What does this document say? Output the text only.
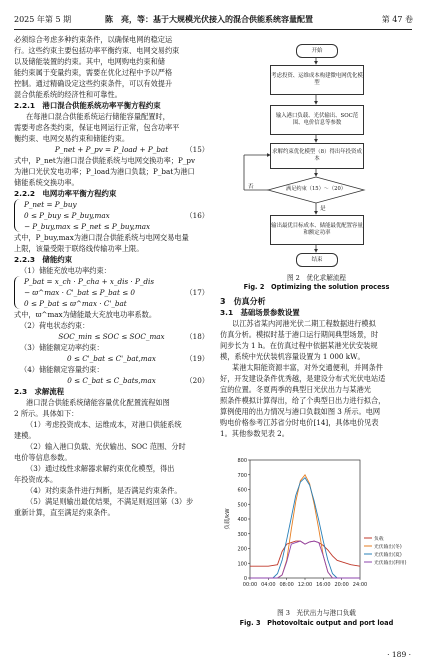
2025 年第 5 期	陈　亮，等：基于大规模光伏接入的混合供能系统容量配置	第 47 卷
必须综合考虑多种约束条件，以确保电网的稳定运
行。这些约束主要包括功率平衡约束、电网交易约束
以及储能装置的约束。其中，电网购电约束和储
能约束属于变量约束，需要在优化过程中予以严格
控制。通过精确设定这些约束条件，可以有效提升
混合供能系统的经济性和可靠性。
2.2.1　港口混合供能系统功率平衡方程约束
在每港口混合供能系统运行储能容量配置时，
需要考虑各类约束，保证电网运行正常，包含功率平
衡约束、电网交易约束和储能约束。
P_net + P_pv = P_load + P_bat （15）
式中，P_net为港口混合供能系统与电网交换功率；P_pv
为港口光伏发电功率；P_load为港口负载；P_bat为港口
储能系统交换功率。
2.2.2　电网功率平衡方程约束
P_net = P_buy
0 ≤ P_buy ≤ P_buy,max
− P_buy,max ≤ P_net ≤ P_buy,max
（16）
式中，P_buy,max为港口混合供能系统与电网交易电量
上限，该量受限于联络线传输功率上限。
2.2.3　储能约束
（1）储能充放电功率约束：
P_bat = x_ch · P_cha + x_dis · P_dis
− ϖ^max · C'_bat ≤ P_bat ≤ 0
0 ≤ P_bat ≤ ϖ^max · C'_bat
（17）
式中，ϖ^max为储能最大充放电功率系数。
（2）荷电状态约束：
SOC_min ≤ SOC ≤ SOC_max	（18）
（3）储能额定功率约束：
0 ≤ C'_bat ≤ C'_bat,max	（19）
（4）储能额定容量约束：
0 ≤ C_bat ≤ C_bats,max	（20）
2.3　求解流程
港口混合供能系统储能容量优化配置流程如图
2 所示。具体如下：
（1）考虑投资成本、运维成本，对港口供能系统
建模。
（2）输入港口负载、光伏输出、SOC 范围、分时
电价等信息参数。
（3）通过线性求解器求解约束优化模型，得出
年投资成本。
（4）对约束条件进行判断，是否满足约束条件。
（5）满足则输出最优结果，不满足则返回第（3）步
重新计算，直至满足约束条件。
开始
考虑投资、运维成本构建微电网优化模型
输入港口负载、光伏输出、SOC范围、电价信息等参数
求解约束优化模型（8）得出年投资成本
满足约束（15）～（20）
否
是
输出最优目标成本、储能最优配置容量和额定功率
结束
图 2　优化求解流程
Fig. 2　Optimizing the solution process
3　仿真分析
3.1　基础场景参数设置
以江苏省某内河港光伏二期工程数据进行模拟
仿真分析。模拟时基于港口运行期间典型场景，时
间步长为 1 h。在仿真过程中依据某港光伏安装规
模，系统中光伏装机容量设置为 1 000 kW。
某港太阳能资源丰富，对外交通便利，并网条件
好，开发建设条件优秀越，是建设分布式光伏电站适
宜的位置。冬夏两季的典型日光伏出力与某港光
照条件模拟计算得出，给了个典型日出力进行拟合，
算例使用的出力情况与港口负载如图 3 所示。电网
购电价格参考江苏省分时电价[14]，具体电价见表
1。其他参数见表 2。
0
100
200
300
400
500
600
700
800
00:00 04:00 08:00 12:00 16:00 20:00 24:00
负载/kW
负载
光伏输出(冬)
光伏输出(夏)
光伏输出(利用)
图 3　光伏出力与港口负载
Fig. 3　Photovoltaic output and port load
· 189 ·
